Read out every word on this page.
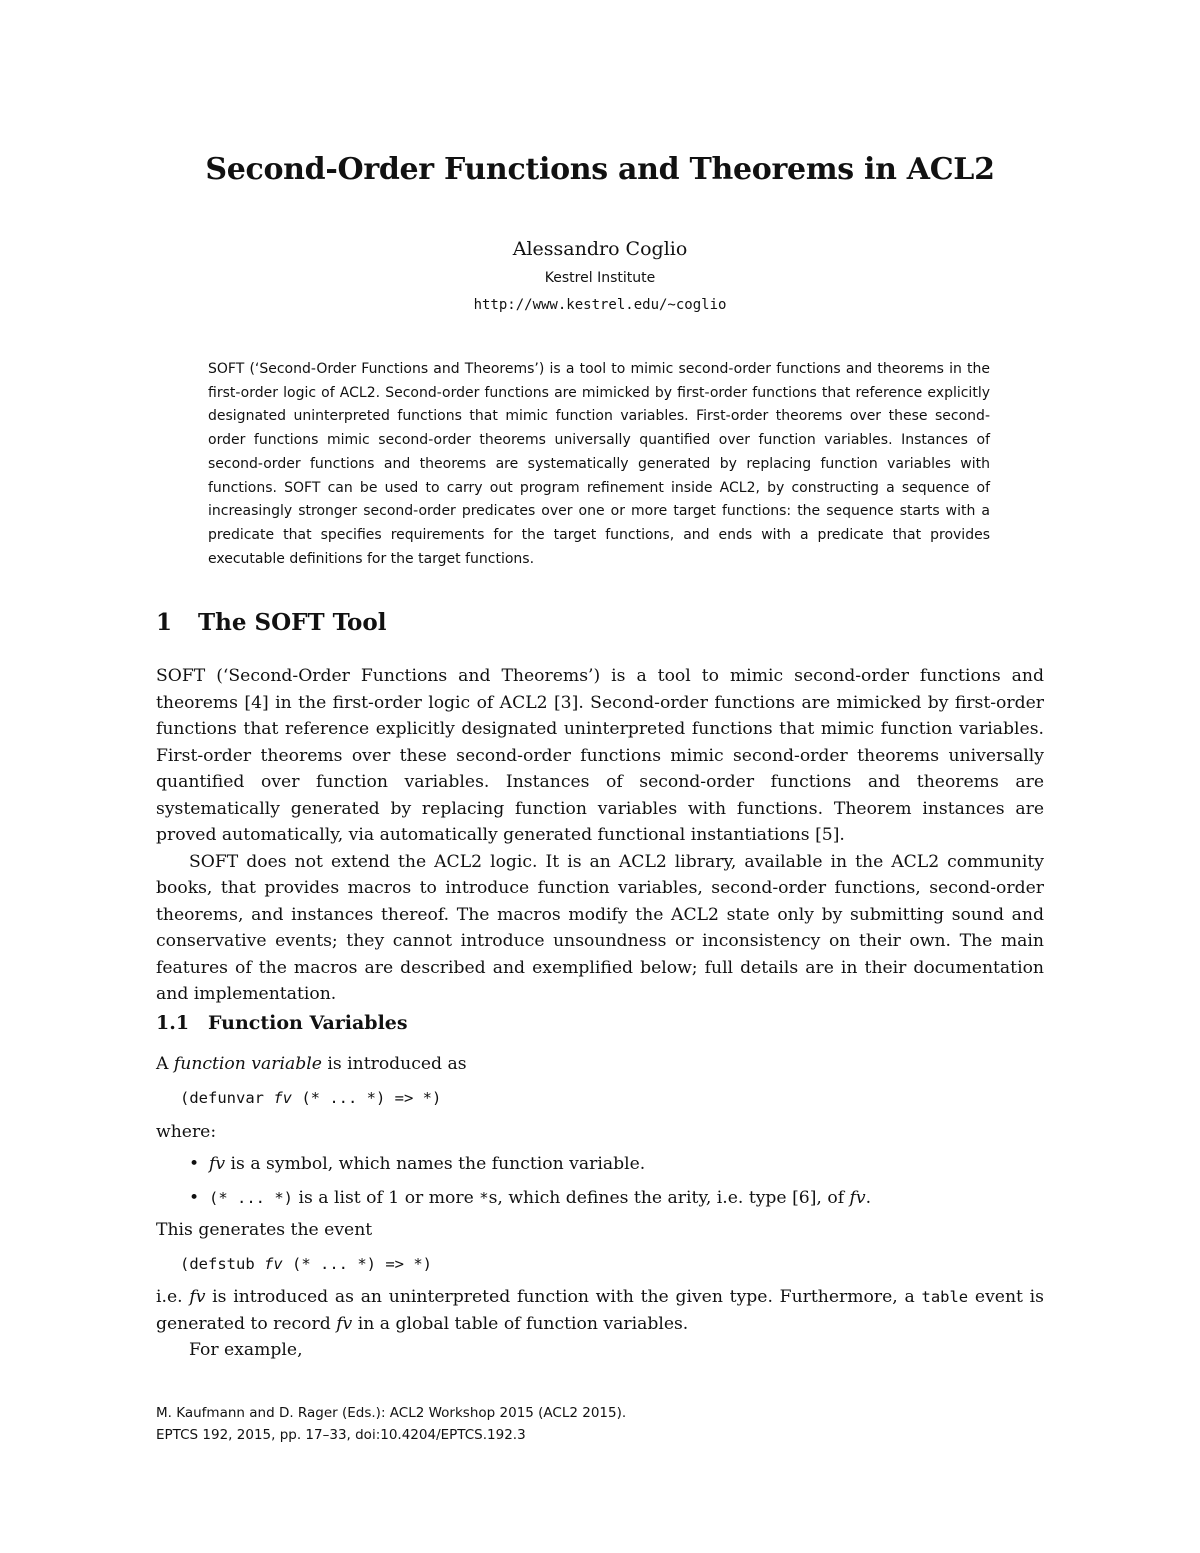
Second-Order Functions and Theorems in ACL2
Alessandro Coglio
Kestrel Institute
http://www.kestrel.edu/~coglio
SOFT (‘Second-Order Functions and Theorems’) is a tool to mimic second-order functions and theorems in the first-order logic of ACL2. Second-order functions are mimicked by first-order functions that reference explicitly designated uninterpreted functions that mimic function variables. First-order theorems over these second-order functions mimic second-order theorems universally quantified over function variables. Instances of second-order functions and theorems are systematically generated by replacing function variables with functions. SOFT can be used to carry out program refinement inside ACL2, by constructing a sequence of increasingly stronger second-order predicates over one or more target functions: the sequence starts with a predicate that specifies requirements for the target functions, and ends with a predicate that provides executable definitions for the target functions.
1 The SOFT Tool

SOFT (‘Second-Order Functions and Theorems’) is a tool to mimic second-order functions and theorems [4] in the first-order logic of ACL2 [3]. Second-order functions are mimicked by first-order functions that reference explicitly designated uninterpreted functions that mimic function variables. First-order theorems over these second-order functions mimic second-order theorems universally quantified over function variables. Instances of second-order functions and theorems are systematically generated by replacing function variables with functions. Theorem instances are proved automatically, via automatically generated functional instantiations [5].

SOFT does not extend the ACL2 logic. It is an ACL2 library, available in the ACL2 community books, that provides macros to introduce function variables, second-order functions, second-order theorems, and instances thereof. The macros modify the ACL2 state only by submitting sound and conservative events; they cannot introduce unsoundness or inconsistency on their own. The main features of the macros are described and exemplified below; full details are in their documentation and implementation.

1.1 Function Variables
A function variable is introduced as
(defunvar fv (* ... *) => *)
where:
• fv is a symbol, which names the function variable.
• (* ... *) is a list of 1 or more *s, which defines the arity, i.e. type [6], of fv.
This generates the event
(defstub fv (* ... *) => *)

i.e. fv is introduced as an uninterpreted function with the given type. Furthermore, a table event is generated to record fv in a global table of function variables.

For example,

M. Kaufmann and D. Rager (Eds.): ACL2 Workshop 2015 (ACL2 2015).
EPTCS 192, 2015, pp. 17–33, doi:10.4204/EPTCS.192.3
